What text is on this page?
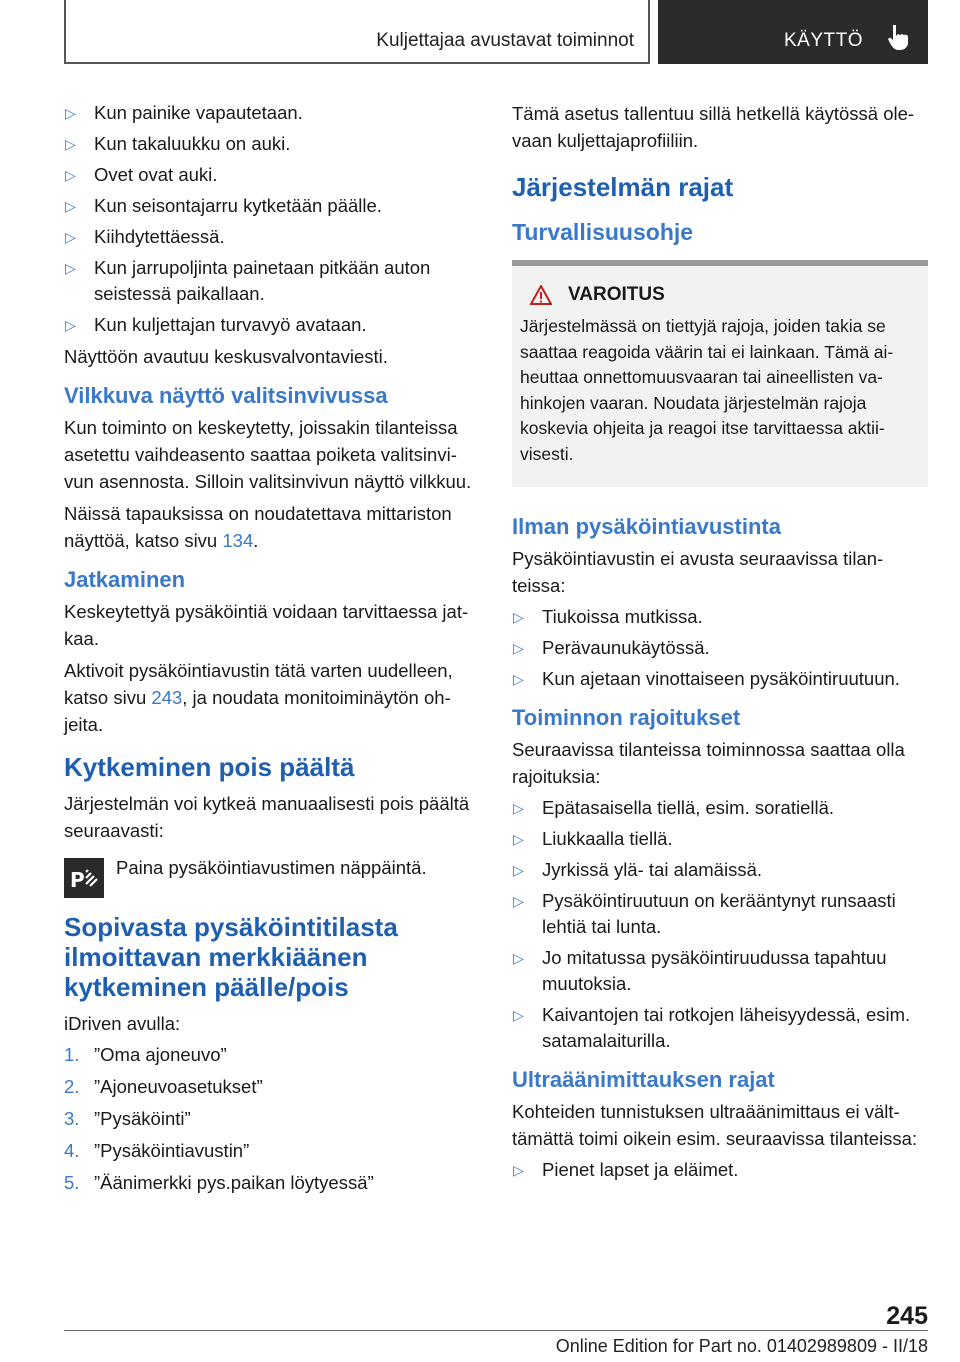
Kuljettajaa avustavat toiminnot	KÄYTTÖ
▷ Kun painike vapautetaan.
▷ Kun takaluukku on auki.
▷ Ovet ovat auki.
▷ Kun seisontajarru kytketään päälle.
▷ Kiihdytettäessä.
▷ Kun jarrupoljinta painetaan pitkään auton seistessä paikallaan.
▷ Kun kuljettajan turvavyö avataan.

Näyttöön avautuu keskusvalvontaviesti.

Vilkkuva näyttö valitsinvivussa

Kun toiminto on keskeytetty, joissakin tilanteissa asetettu vaihdeasento saattaa poiketa valitsinvi-vun asennosta. Silloin valitsinvivun näyttö vilkkuu.

Näissä tapauksissa on noudatettava mittariston näyttöä, katso sivu 134.

Jatkaminen

Keskeytettyä pysäköintiä voidaan tarvittaessa jat-kaa.

Aktivoit pysäköintiavustin tätä varten uudelleen, katso sivu 243, ja noudata monitoiminäytön oh-jeita.

Kytkeminen pois päältä

Järjestelmän voi kytkeä manuaalisesti pois päältä seuraavasti:

P

Paina pysäköintiavustimen näppäintä.

Sopivasta pysäköintitilasta ilmoittavan merkkiäänen kytkeminen päälle/pois

iDriven avulla:

1. ”Oma ajoneuvo”
2. ”Ajoneuvoasetukset”
3. ”Pysäköinti”
4. ”Pysäköintiavustin”
5. ”Äänimerkki pys.paikan löytyessä”

Tämä asetus tallentuu sillä hetkellä käytössä ole-vaan kuljettajaprofiiliin.

Järjestelmän rajat
Turvallisuusohje
VAROITUS

Järjestelmässä on tiettyjä rajoja, joiden takia se saattaa reagoida väärin tai ei lainkaan. Tämä ai-heuttaa onnettomuusvaaran tai aineellisten va-hinkojen vaaran. Noudata järjestelmän rajoja koskevia ohjeita ja reagoi itse tarvittaessa aktii-visesti.

Ilman pysäköintiavustinta

Pysäköintiavustin ei avusta seuraavissa tilan-teissa:

▷ Tiukoissa mutkissa.
▷ Perävaunukäytössä.
▷ Kun ajetaan vinottaiseen pysäköintiruutuun.
Toiminnon rajoitukset

Seuraavissa tilanteissa toiminnossa saattaa olla rajoituksia:

▷ Epätasaisella tiellä, esim. soratiellä.
▷ Liukkaalla tiellä.
▷ Jyrkissä ylä- tai alamäissä.
▷ Pysäköintiruutuun on kerääntynyt runsaasti lehtiä tai lunta.
▷ Jo mitatussa pysäköintiruudussa tapahtuu muutoksia.
▷ Kaivantojen tai rotkojen läheisyydessä, esim. satamalaiturilla.
Ultraäänimittauksen rajat

Kohteiden tunnistuksen ultraäänimittaus ei vält-tämättä toimi oikein esim. seuraavissa tilanteissa:

▷ Pienet lapset ja eläimet.
245
Online Edition for Part no. 01402989809 - II/18
